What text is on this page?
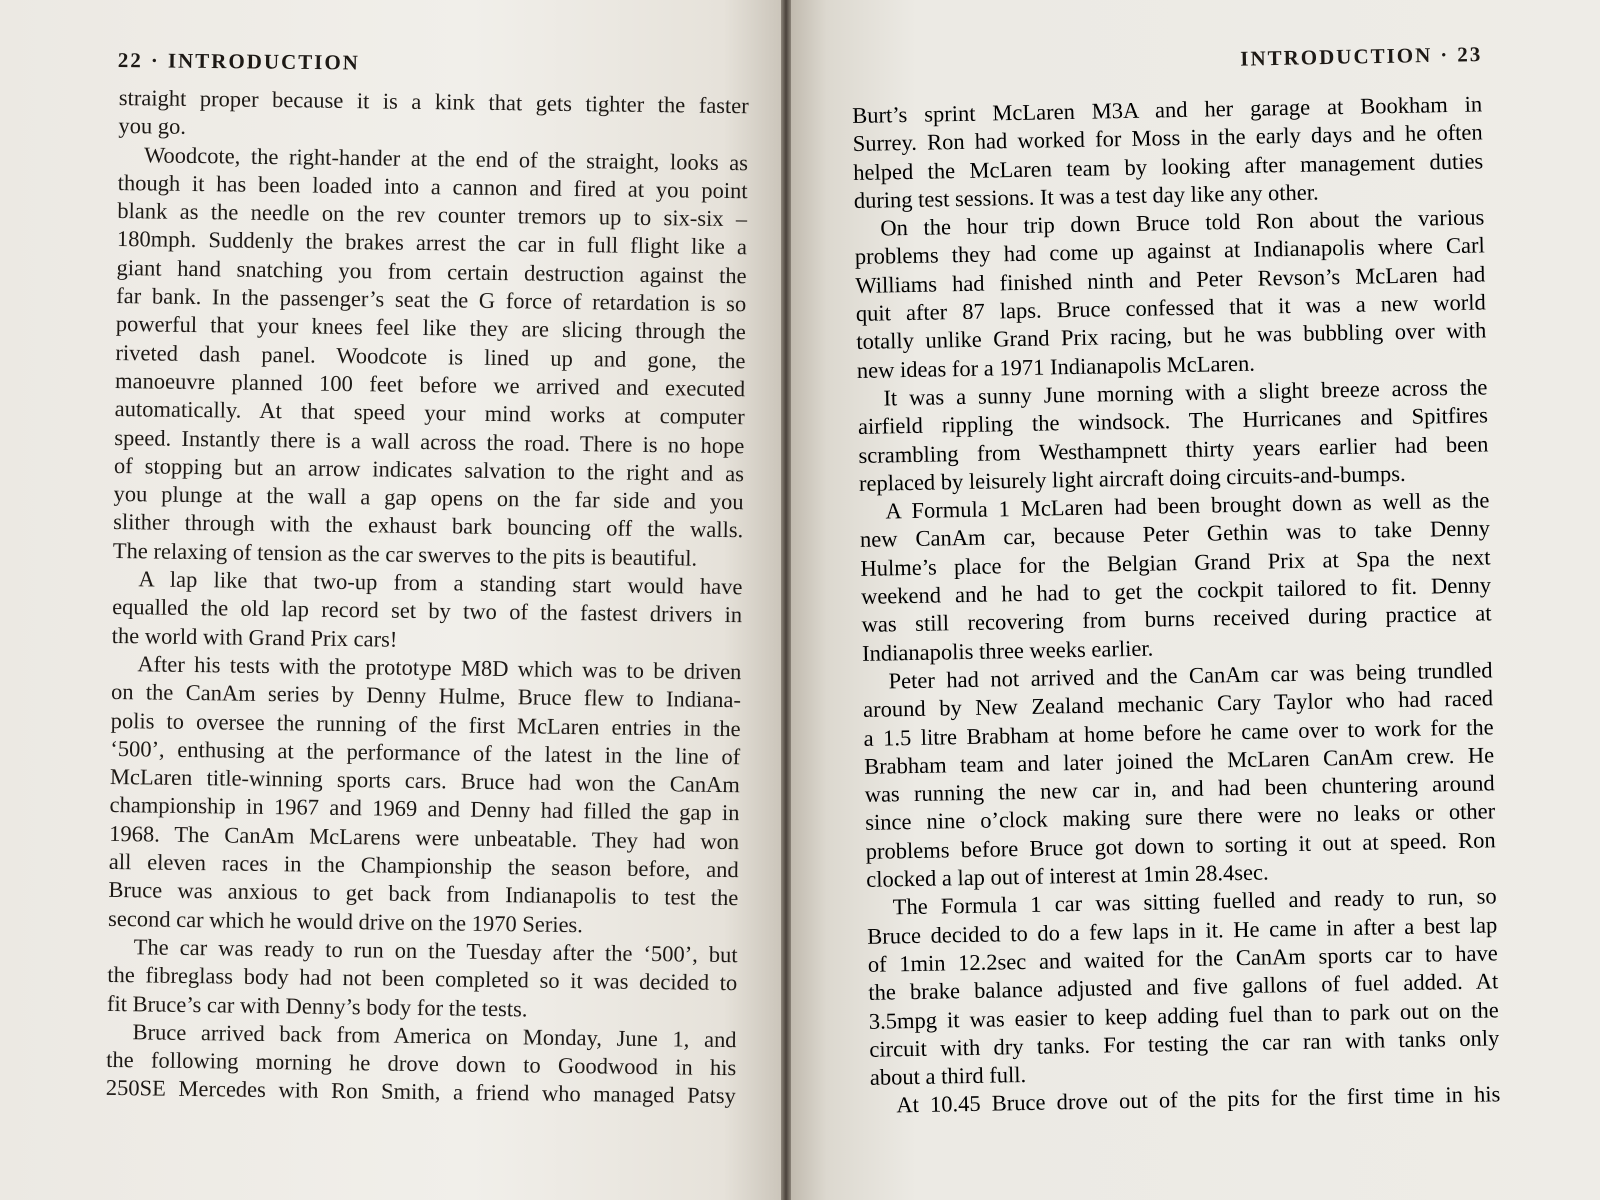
22 · INTRODUCTION
straight proper because it is a kink that gets tighter the faster
you go.
Woodcote, the right-hander at the end of the straight, looks as
though it has been loaded into a cannon and fired at you point
blank as the needle on the rev counter tremors up to six-six –
180mph. Suddenly the brakes arrest the car in full flight like a
giant hand snatching you from certain destruction against the
far bank. In the passenger’s seat the G force of retardation is so
powerful that your knees feel like they are slicing through the
riveted dash panel. Woodcote is lined up and gone, the
manoeuvre planned 100 feet before we arrived and executed
automatically. At that speed your mind works at computer
speed. Instantly there is a wall across the road. There is no hope
of stopping but an arrow indicates salvation to the right and as
you plunge at the wall a gap opens on the far side and you
slither through with the exhaust bark bouncing off the walls.
The relaxing of tension as the car swerves to the pits is beautiful.
A lap like that two-up from a standing start would have
equalled the old lap record set by two of the fastest drivers in
the world with Grand Prix cars!
After his tests with the prototype M8D which was to be driven
on the CanAm series by Denny Hulme, Bruce flew to Indiana-
polis to oversee the running of the first McLaren entries in the
‘500’, enthusing at the performance of the latest in the line of
McLaren title-winning sports cars. Bruce had won the CanAm
championship in 1967 and 1969 and Denny had filled the gap in
1968. The CanAm McLarens were unbeatable. They had won
all eleven races in the Championship the season before, and
Bruce was anxious to get back from Indianapolis to test the
second car which he would drive on the 1970 Series.
The car was ready to run on the Tuesday after the ‘500’, but
the fibreglass body had not been completed so it was decided to
fit Bruce’s car with Denny’s body for the tests.
Bruce arrived back from America on Monday, June 1, and
the following morning he drove down to Goodwood in his
250SE Mercedes with Ron Smith, a friend who managed Patsy
INTRODUCTION · 23
Burt’s sprint McLaren M3A and her garage at Bookham in
Surrey. Ron had worked for Moss in the early days and he often
helped the McLaren team by looking after management duties
during test sessions. It was a test day like any other.
On the hour trip down Bruce told Ron about the various
problems they had come up against at Indianapolis where Carl
Williams had finished ninth and Peter Revson’s McLaren had
quit after 87 laps. Bruce confessed that it was a new world
totally unlike Grand Prix racing, but he was bubbling over with
new ideas for a 1971 Indianapolis McLaren.
It was a sunny June morning with a slight breeze across the
airfield rippling the windsock. The Hurricanes and Spitfires
scrambling from Westhampnett thirty years earlier had been
replaced by leisurely light aircraft doing circuits-and-bumps.
A Formula 1 McLaren had been brought down as well as the
new CanAm car, because Peter Gethin was to take Denny
Hulme’s place for the Belgian Grand Prix at Spa the next
weekend and he had to get the cockpit tailored to fit. Denny
was still recovering from burns received during practice at
Indianapolis three weeks earlier.
Peter had not arrived and the CanAm car was being trundled
around by New Zealand mechanic Cary Taylor who had raced
a 1.5 litre Brabham at home before he came over to work for the
Brabham team and later joined the McLaren CanAm crew. He
was running the new car in, and had been chuntering around
since nine o’clock making sure there were no leaks or other
problems before Bruce got down to sorting it out at speed. Ron
clocked a lap out of interest at 1min 28.4sec.
The Formula 1 car was sitting fuelled and ready to run, so
Bruce decided to do a few laps in it. He came in after a best lap
of 1min 12.2sec and waited for the CanAm sports car to have
the brake balance adjusted and five gallons of fuel added. At
3.5mpg it was easier to keep adding fuel than to park out on the
circuit with dry tanks. For testing the car ran with tanks only
about a third full.
At 10.45 Bruce drove out of the pits for the first time in his
